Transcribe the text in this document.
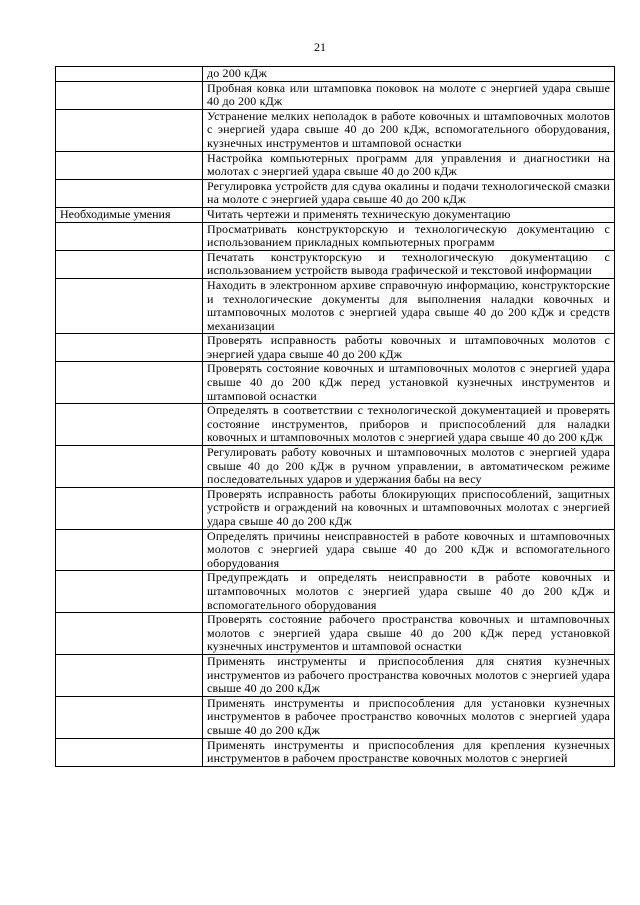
21
	до 200 кДж
	Пробная ковка или штамповка поковок на молоте с энергией удара свыше 40 до 200 кДж
	Устранение мелких неполадок в работе ковочных и штамповочных молотов с энергией удара свыше 40 до 200 кДж, вспомогательного оборудования, кузнечных инструментов и штамповой оснастки
	Настройка компьютерных программ для управления и диагностики на молотах с энергией удара свыше 40 до 200 кДж
	Регулировка устройств для сдува окалины и подачи технологической смазки на молоте с энергией удара свыше 40 до 200 кДж
Необходимые умения	Читать чертежи и применять техническую документацию
	Просматривать конструкторскую и технологическую документацию с использованием прикладных компьютерных программ
	Печатать конструкторскую и технологическую документацию с использованием устройств вывода графической и текстовой информации
	Находить в электронном архиве справочную информацию, конструкторские и технологические документы для выполнения наладки ковочных и штамповочных молотов с энергией удара свыше 40 до 200 кДж и средств механизации
	Проверять исправность работы ковочных и штамповочных молотов с энергией удара свыше 40 до 200 кДж
	Проверять состояние ковочных и штамповочных молотов с энергией удара свыше 40 до 200 кДж перед установкой кузнечных инструментов и штамповой оснастки
	Определять в соответствии с технологической документацией и проверять состояние инструментов, приборов и приспособлений для наладки ковочных и штамповочных молотов с энергией удара свыше 40 до 200 кДж
	Регулировать работу ковочных и штамповочных молотов с энергией удара свыше 40 до 200 кДж в ручном управлении, в автоматическом режиме последовательных ударов и удержания бабы на весу
	Проверять исправность работы блокирующих приспособлений, защитных устройств и ограждений на ковочных и штамповочных молотах с энергией удара свыше 40 до 200 кДж
	Определять причины неисправностей в работе ковочных и штамповочных молотов с энергией удара свыше 40 до 200 кДж и вспомогательного оборудования
	Предупреждать и определять неисправности в работе ковочных и штамповочных молотов с энергией удара свыше 40 до 200 кДж и вспомогательного оборудования
	Проверять состояние рабочего пространства ковочных и штамповочных молотов с энергией удара свыше 40 до 200 кДж перед установкой кузнечных инструментов и штамповой оснастки
	Применять инструменты и приспособления для снятия кузнечных инструментов из рабочего пространства ковочных молотов с энергией удара свыше 40 до 200 кДж
	Применять инструменты и приспособления для установки кузнечных инструментов в рабочее пространство ковочных молотов с энергией удара свыше 40 до 200 кДж
	Применять инструменты и приспособления для крепления кузнечных инструментов в рабочем пространстве ковочных молотов с энергией
